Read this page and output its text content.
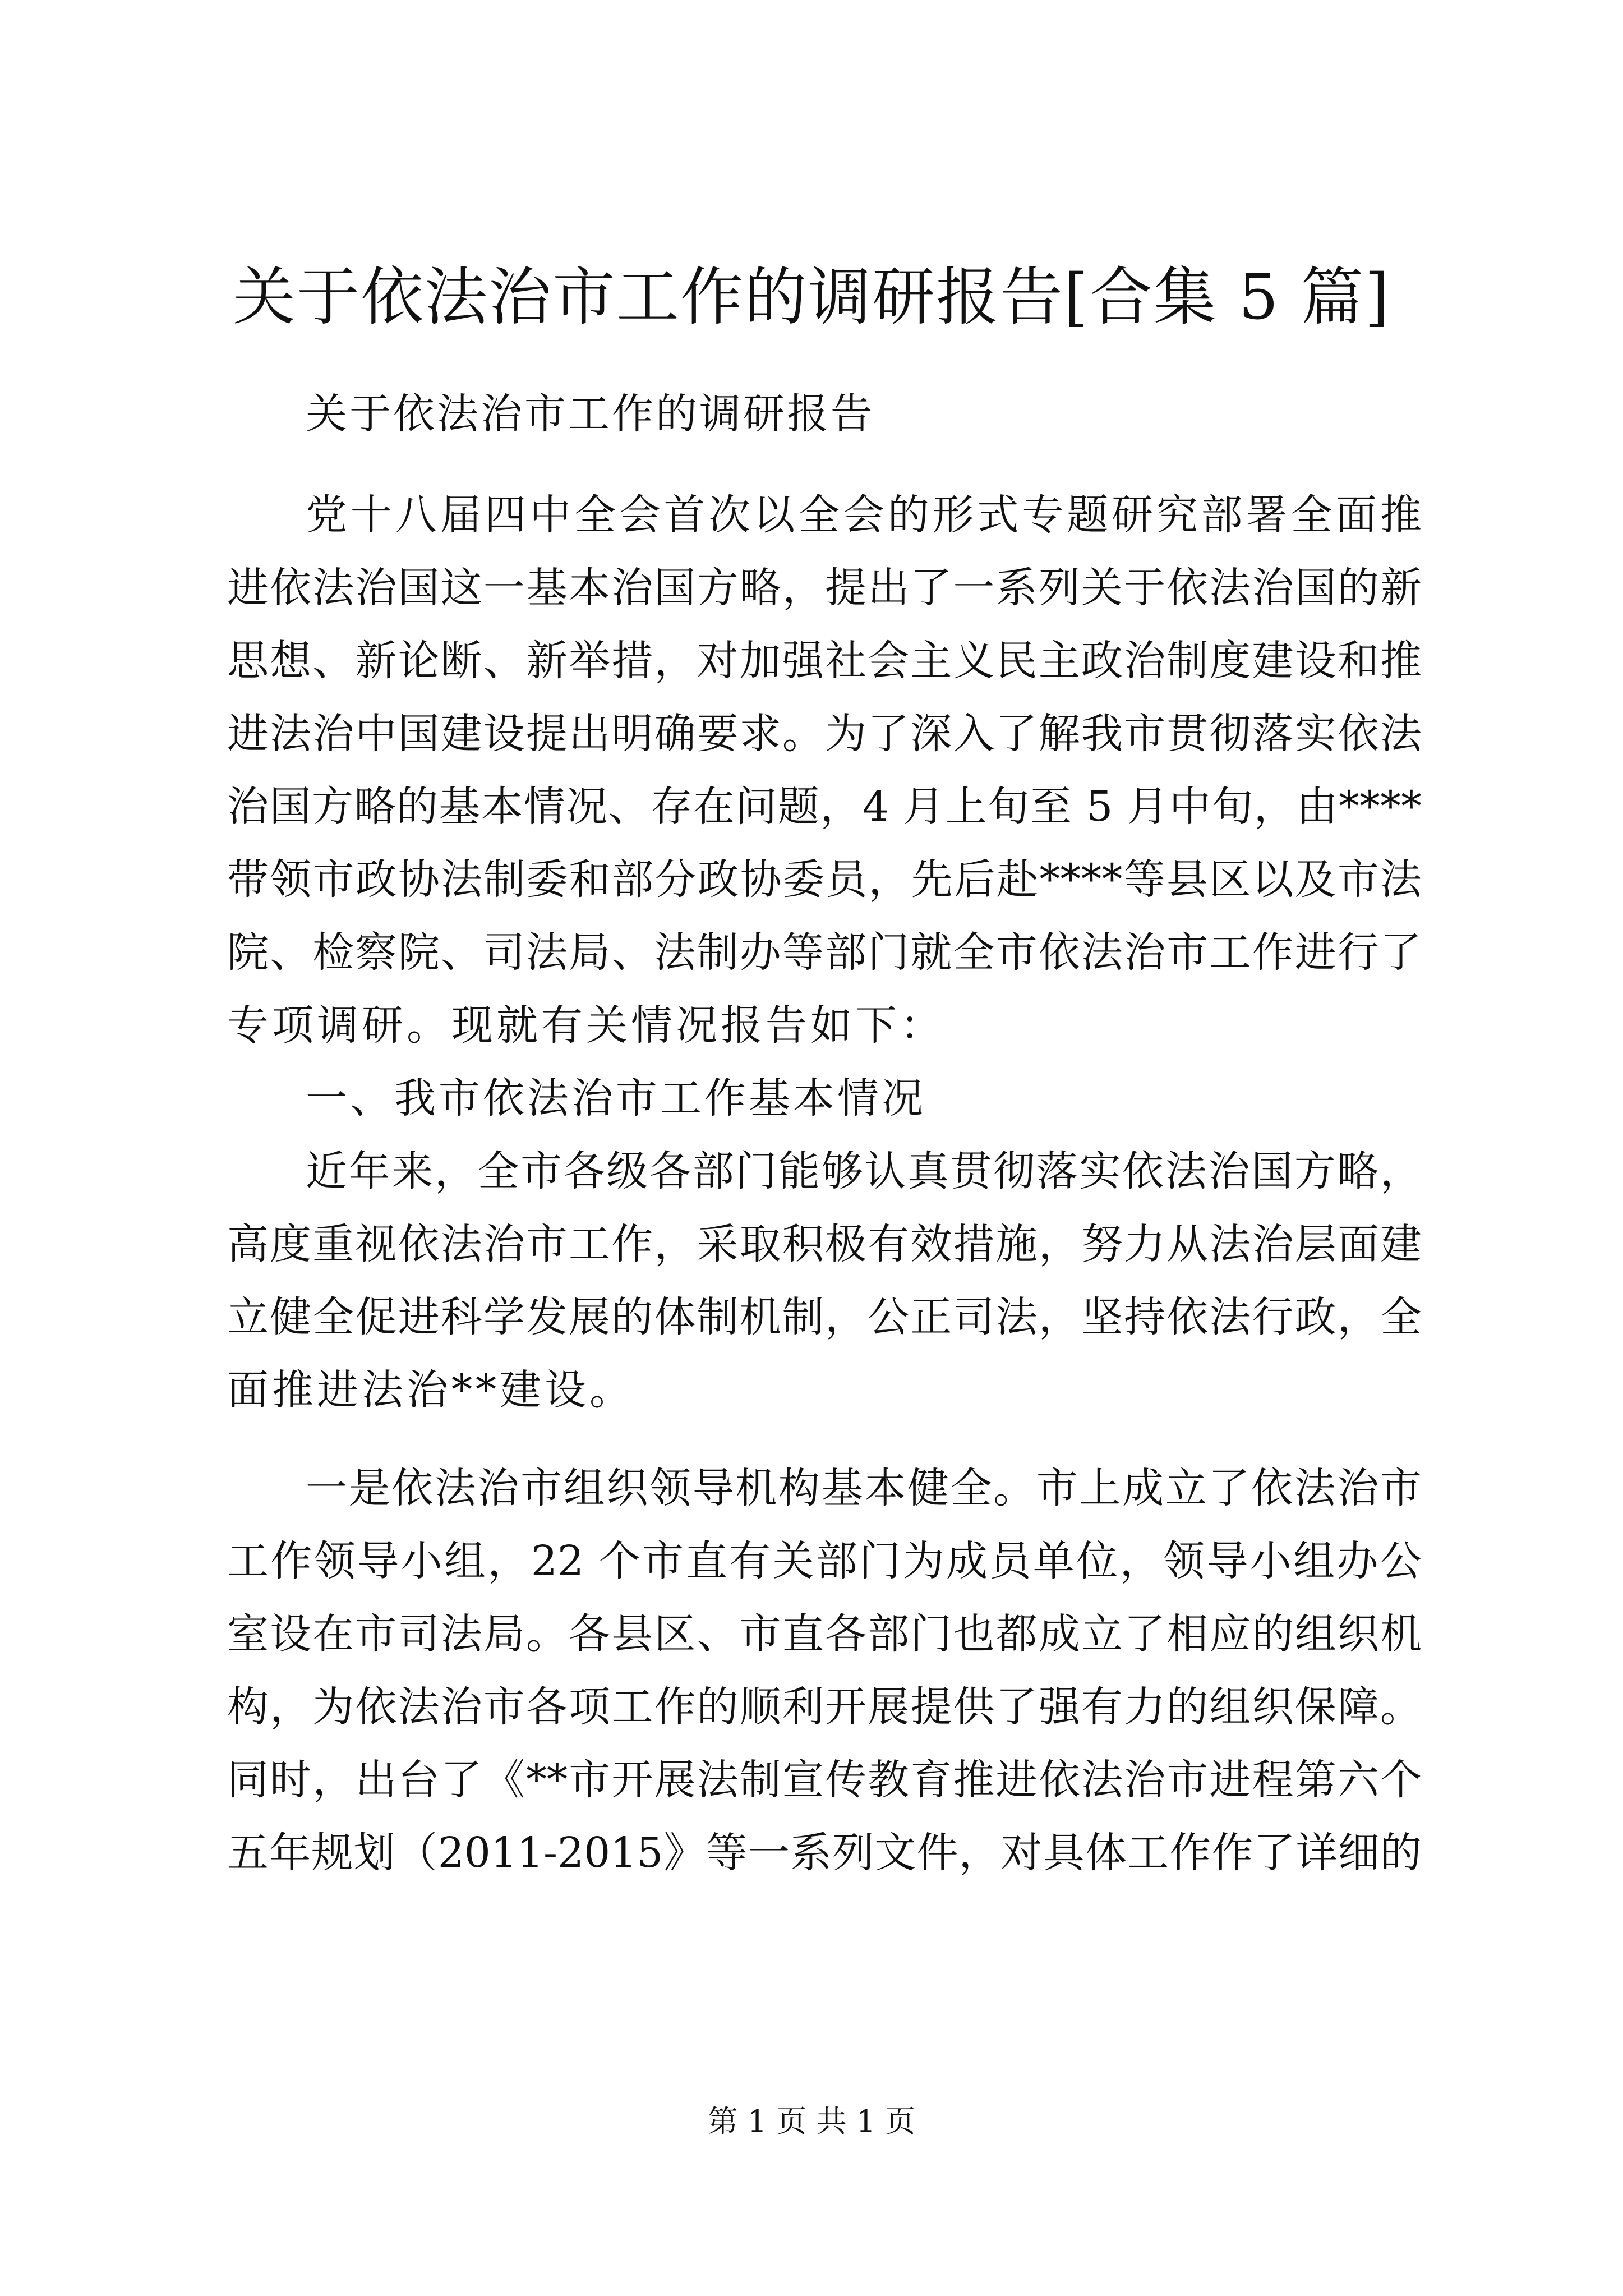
关于依法治市工作的调研报告[合集 5 篇]
关于依法治市工作的调研报告
党十八届四中全会首次以全会的形式专题研究部署全面推
进依法治国这一基本治国方略，提出了一系列关于依法治国的新
思想、新论断、新举措，对加强社会主义民主政治制度建设和推
进法治中国建设提出明确要求。为了深入了解我市贯彻落实依法
治国方略的基本情况、存在问题，4 月上旬至 5 月中旬，由****
带领市政协法制委和部分政协委员，先后赴****等县区以及市法
院、检察院、司法局、法制办等部门就全市依法治市工作进行了
专项调研。现就有关情况报告如下：
一、我市依法治市工作基本情况
近年来，全市各级各部门能够认真贯彻落实依法治国方略，
高度重视依法治市工作，采取积极有效措施，努力从法治层面建
立健全促进科学发展的体制机制，公正司法，坚持依法行政，全
面推进法治**建设。
一是依法治市组织领导机构基本健全。市上成立了依法治市
工作领导小组，22 个市直有关部门为成员单位，领导小组办公
室设在市司法局。各县区、市直各部门也都成立了相应的组织机
构，为依法治市各项工作的顺利开展提供了强有力的组织保障。
同时，出台了《**市开展法制宣传教育推进依法治市进程第六个
五年规划（2011-2015》等一系列文件，对具体工作作了详细的
第 1 页 共 1 页
